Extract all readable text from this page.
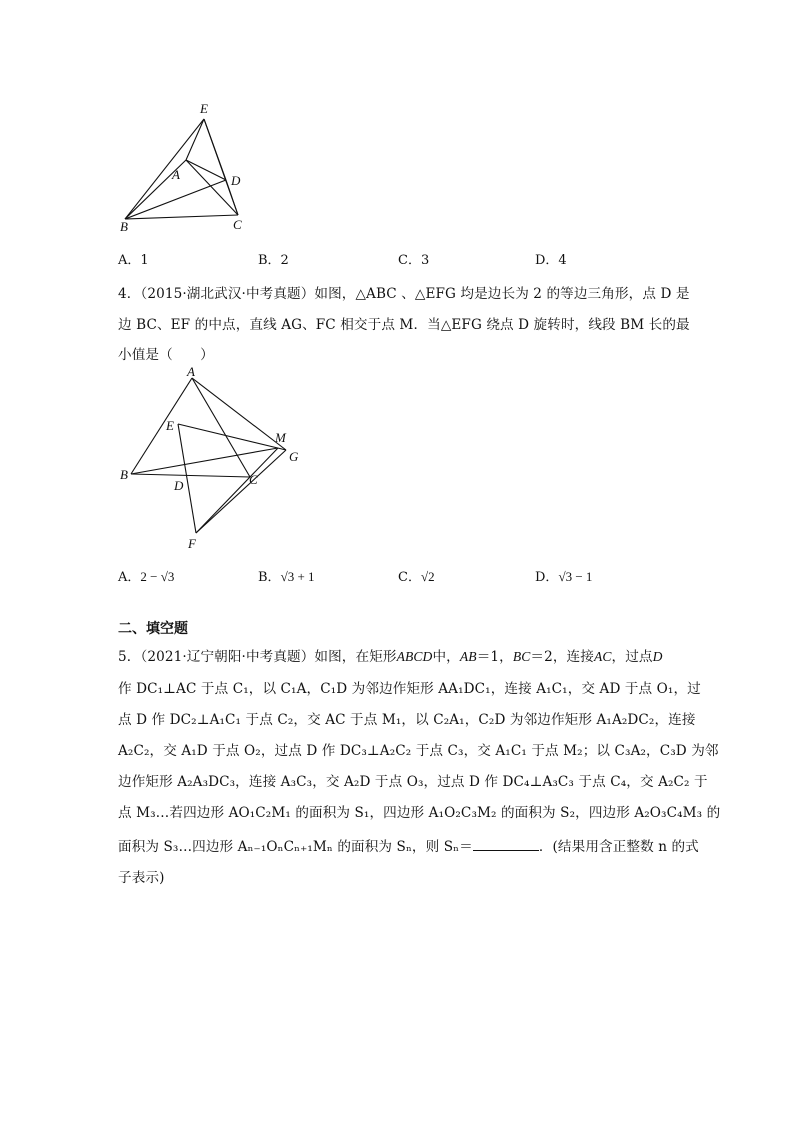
E
A	D
B	C
A．1	B．2	C．3	D．4
4．（2015·湖北武汉·中考真题）如图，△ABC 、△EFG 均是边长为 2 的等边三角形，点 D 是
边 BC、EF 的中点，直线 AG、FC 相交于点 M．当△EFG 绕点 D 旋转时，线段 BM 长的最
小值是（　　）
A
E
M
G
B
D	C
F
A．2 − √3	B．√3 + 1	C．√2	D．√3 − 1
二、填空题
5．（2021·辽宁朝阳·中考真题）如图，在矩形ABCD中，AB＝1，BC＝2，连接AC，过点D
作 DC₁⊥AC 于点 C₁，以 C₁A，C₁D 为邻边作矩形 AA₁DC₁，连接 A₁C₁，交 AD 于点 O₁，过
点 D 作 DC₂⊥A₁C₁ 于点 C₂，交 AC 于点 M₁，以 C₂A₁，C₂D 为邻边作矩形 A₁A₂DC₂，连接
A₂C₂，交 A₁D 于点 O₂，过点 D 作 DC₃⊥A₂C₂ 于点 C₃，交 A₁C₁ 于点 M₂；以 C₃A₂，C₃D 为邻
边作矩形 A₂A₃DC₃，连接 A₃C₃，交 A₂D 于点 O₃，过点 D 作 DC₄⊥A₃C₃ 于点 C₄，交 A₂C₂ 于
点 M₃…若四边形 AO₁C₂M₁ 的面积为 S₁，四边形 A₁O₂C₃M₂ 的面积为 S₂，四边形 A₂O₃C₄M₃ 的
面积为 S₃…四边形 Aₙ₋₁OₙCₙ₊₁Mₙ 的面积为 Sₙ，则 Sₙ＝	．(结果用含正整数 n 的式
子表示)
